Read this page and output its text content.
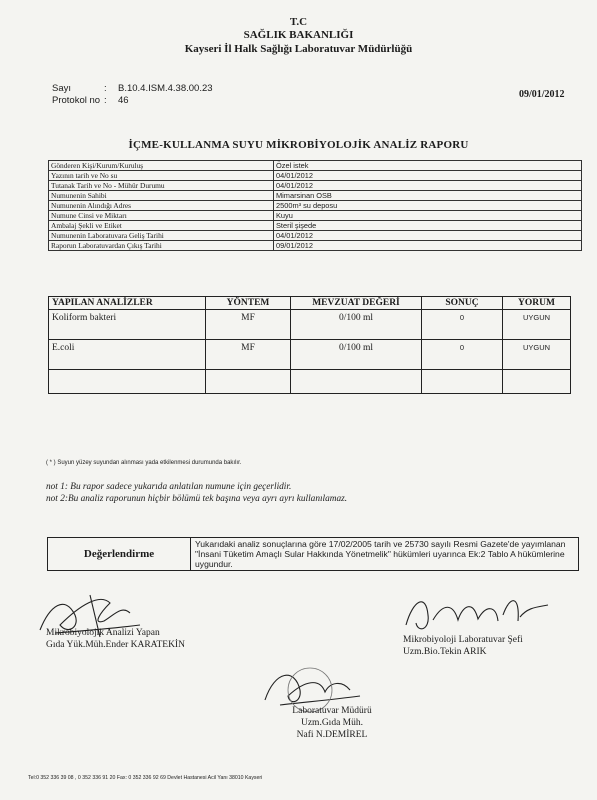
T.C
SAĞLIK BAKANLIĞI
Kayseri İl Halk Sağlığı Laboratuvar Müdürlüğü
Sayı	: B.10.4.ISM.4.38.00.23
Protokol no : 46
09/01/2012
İÇME-KULLANMA SUYU MİKROBİYOLOJİK ANALİZ RAPORU
Gönderen Kişi/Kurum/Kuruluş	Özel istek
Yazının tarih ve No su	04/01/2012
Tutanak Tarih ve No - Mühür Durumu	04/01/2012
Numunenin Sahibi	Mimarsinan OSB
Numunenin Alındığı Adres	2500m³ su deposu
Numune Cinsi ve Miktarı	Kuyu
Ambalaj Şekli ve Etiket	Steril şişede
Numunenin Laboratuvara Geliş Tarihi	04/01/2012
Raporun Laboratuvardan Çıkış Tarihi	09/01/2012
YAPILAN ANALİZLER	YÖNTEM	MEVZUAT DEĞERİ	SONUÇ	YORUM
Koliform bakteri	MF	0/100 ml	0	UYGUN
E.coli	MF	0/100 ml	0	UYGUN

( * ) Suyun yüzey suyundan alınması yada etkilenmesi durumunda bakılır.
not 1: Bu rapor sadece yukarıda anlatılan numune için geçerlidir.
not 2:Bu analiz raporunun hiçbir bölümü tek başına veya ayrı ayrı kullanılamaz.
Değerlendirme	Yukarıdaki analiz sonuçlarına göre 17/02/2005 tarih ve 25730 sayılı Resmi Gazete'de yayımlanan "İnsani Tüketim Amaçlı Sular Hakkında Yönetmelik" hükümleri uyarınca Ek:2 Tablo A hükümlerine uygundur.
Mikrobiyolojik Analizi Yapan
Gıda Yük.Müh.Ender KARATEKİN	Mikrobiyoloji Laboratuvar Şefi
Uzm.Bio.Tekin ARIK
Laboratuvar Müdürü
Uzm.Gıda Müh.
Nafi N.DEMİREL
Tel:0 352 336 39 08 , 0 352 336 91 20 Fax: 0 352 336 92 69 Devlet Hastanesi Acil Yanı 38010 Kayseri
